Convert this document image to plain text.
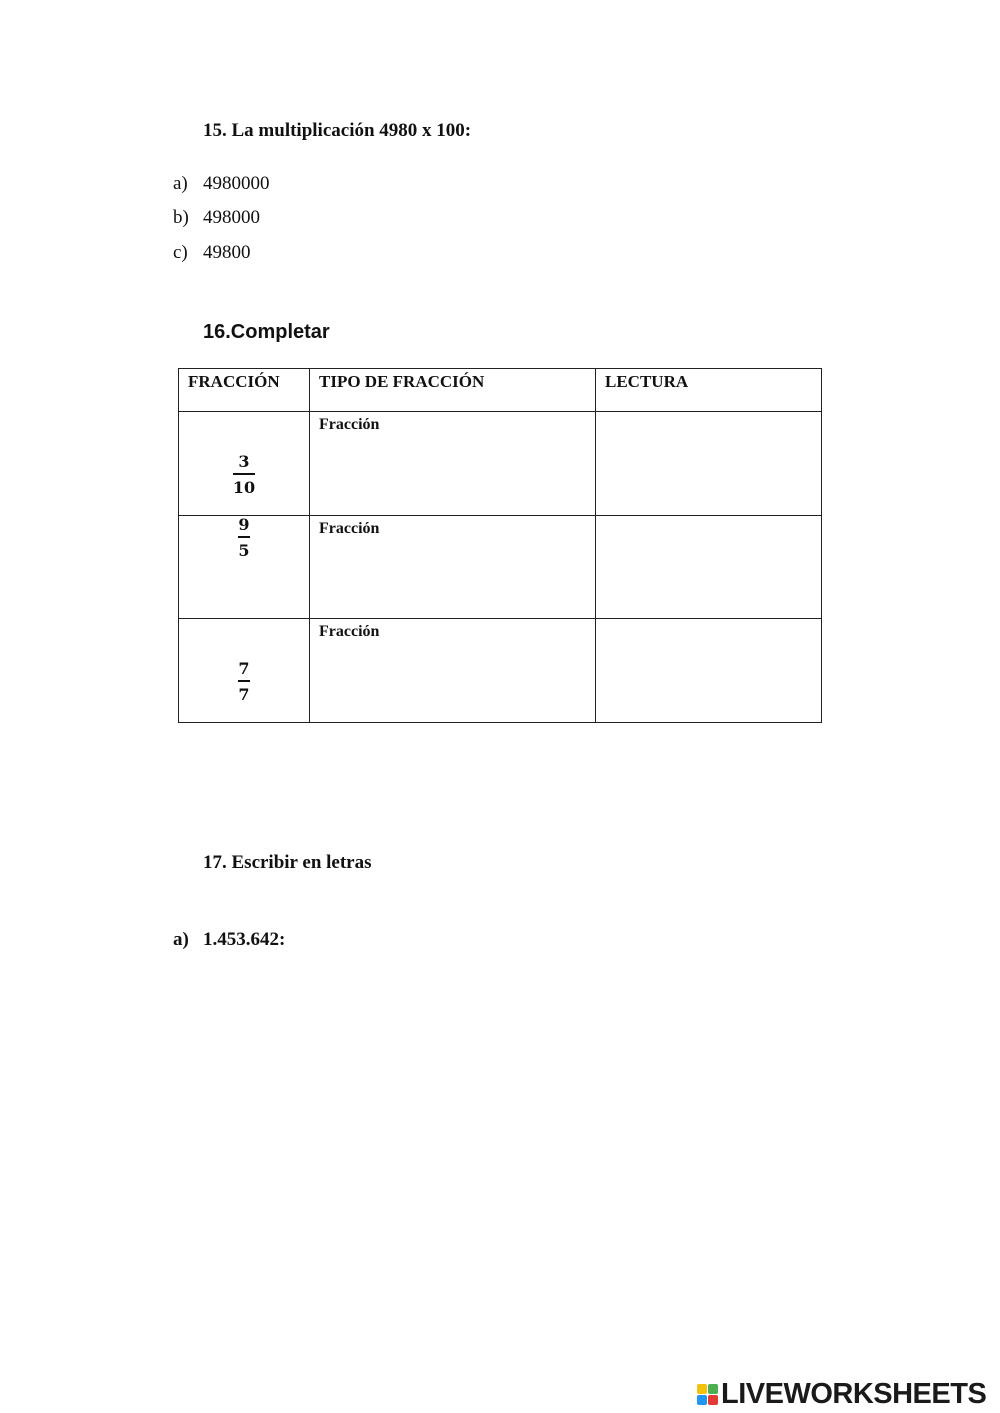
15. La multiplicación 4980 x 100:
a) 4980000
b) 498000
c) 49800
16.Completar
FRACCIÓN	TIPO DE FRACCIÓN	LECTURA

3
10	Fracción	

9
5	Fracción	

7
7	Fracción	

17. Escribir en letras
a) 1.453.642:
LIVEWORKSHEETS
